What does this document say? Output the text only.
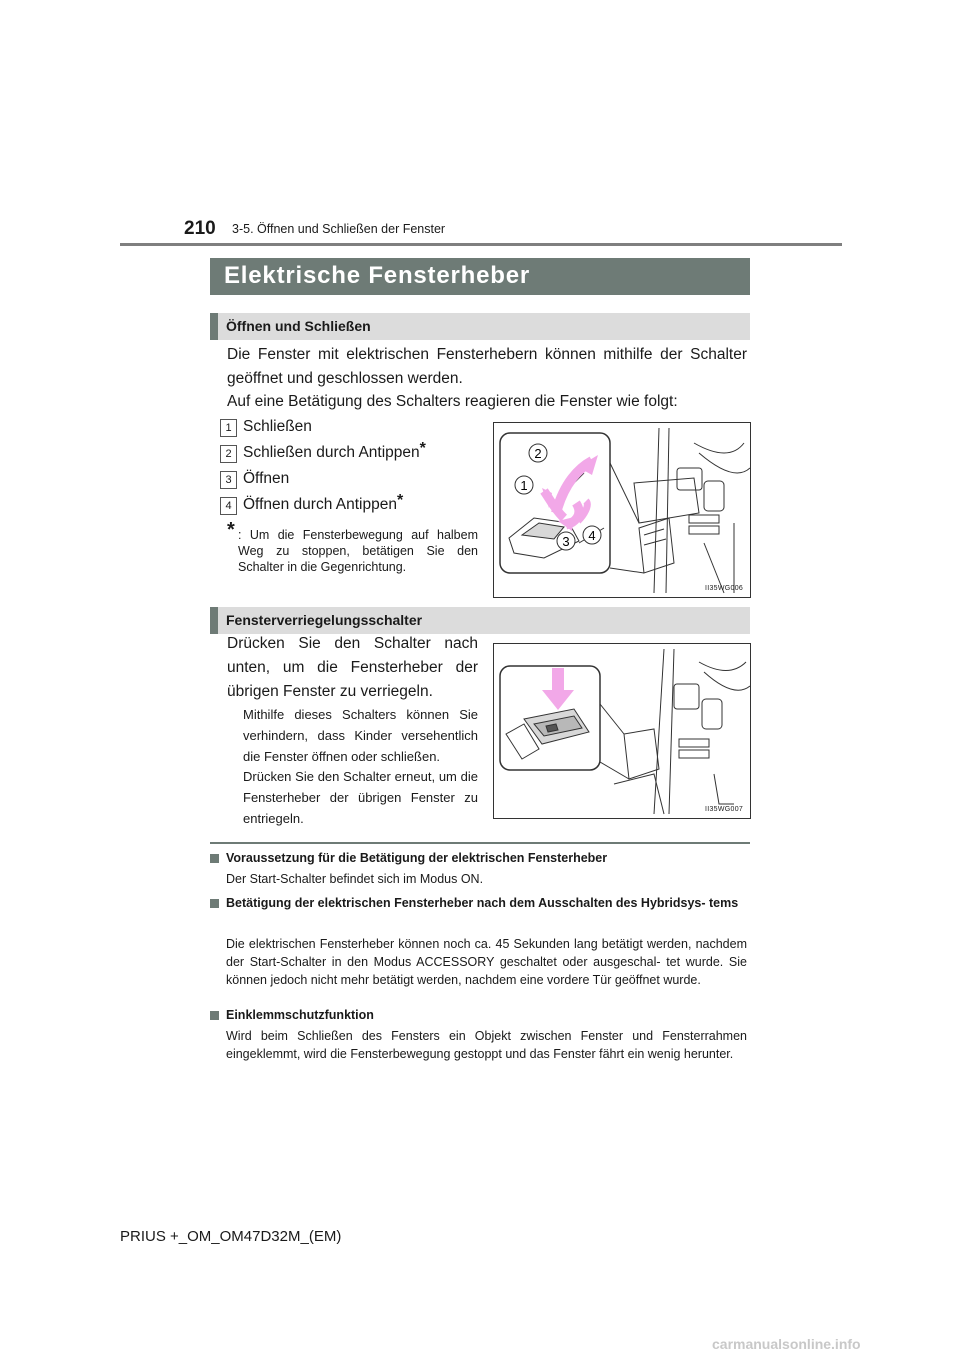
210 3-5. Öffnen und Schließen der Fenster
Elektrische Fensterheber
Öffnen und Schließen
Die Fenster mit elektrischen Fensterhebern können mithilfe der Schalter geöffnet und geschlossen werden.
Auf eine Betätigung des Schalters reagieren die Fenster wie folgt:
1 Schließen
2 Schließen durch Antippen*
3 Öffnen
4 Öffnen durch Antippen*
* : Um die Fensterbewegung auf halbem Weg zu stoppen, betätigen Sie den Schalter in die Gegenrichtung.
2
1
3 4
II35WG006
Fensterverriegelungsschalter
Drücken Sie den Schalter nach unten, um die Fensterheber der übrigen Fenster zu verriegeln.
Mithilfe dieses Schalters können Sie verhindern, dass Kinder versehentlich die Fenster öffnen oder schließen.
Drücken Sie den Schalter erneut, um die Fensterheber der übrigen Fenster zu entriegeln.
II35WG007
Voraussetzung für die Betätigung der elektrischen Fensterheber
Der Start-Schalter befindet sich im Modus ON.
Betätigung der elektrischen Fensterheber nach dem Ausschalten des Hybridsys- tems
Die elektrischen Fensterheber können noch ca. 45 Sekunden lang betätigt werden, nachdem der Start-Schalter in den Modus ACCESSORY geschaltet oder ausgeschal- tet wurde. Sie können jedoch nicht mehr betätigt werden, nachdem eine vordere Tür geöffnet wurde.
Einklemmschutzfunktion
Wird beim Schließen des Fensters ein Objekt zwischen Fenster und Fensterrahmen eingeklemmt, wird die Fensterbewegung gestoppt und das Fenster fährt ein wenig herunter.
PRIUS +_OM_OM47D32M_(EM)
carmanualsonline.info
